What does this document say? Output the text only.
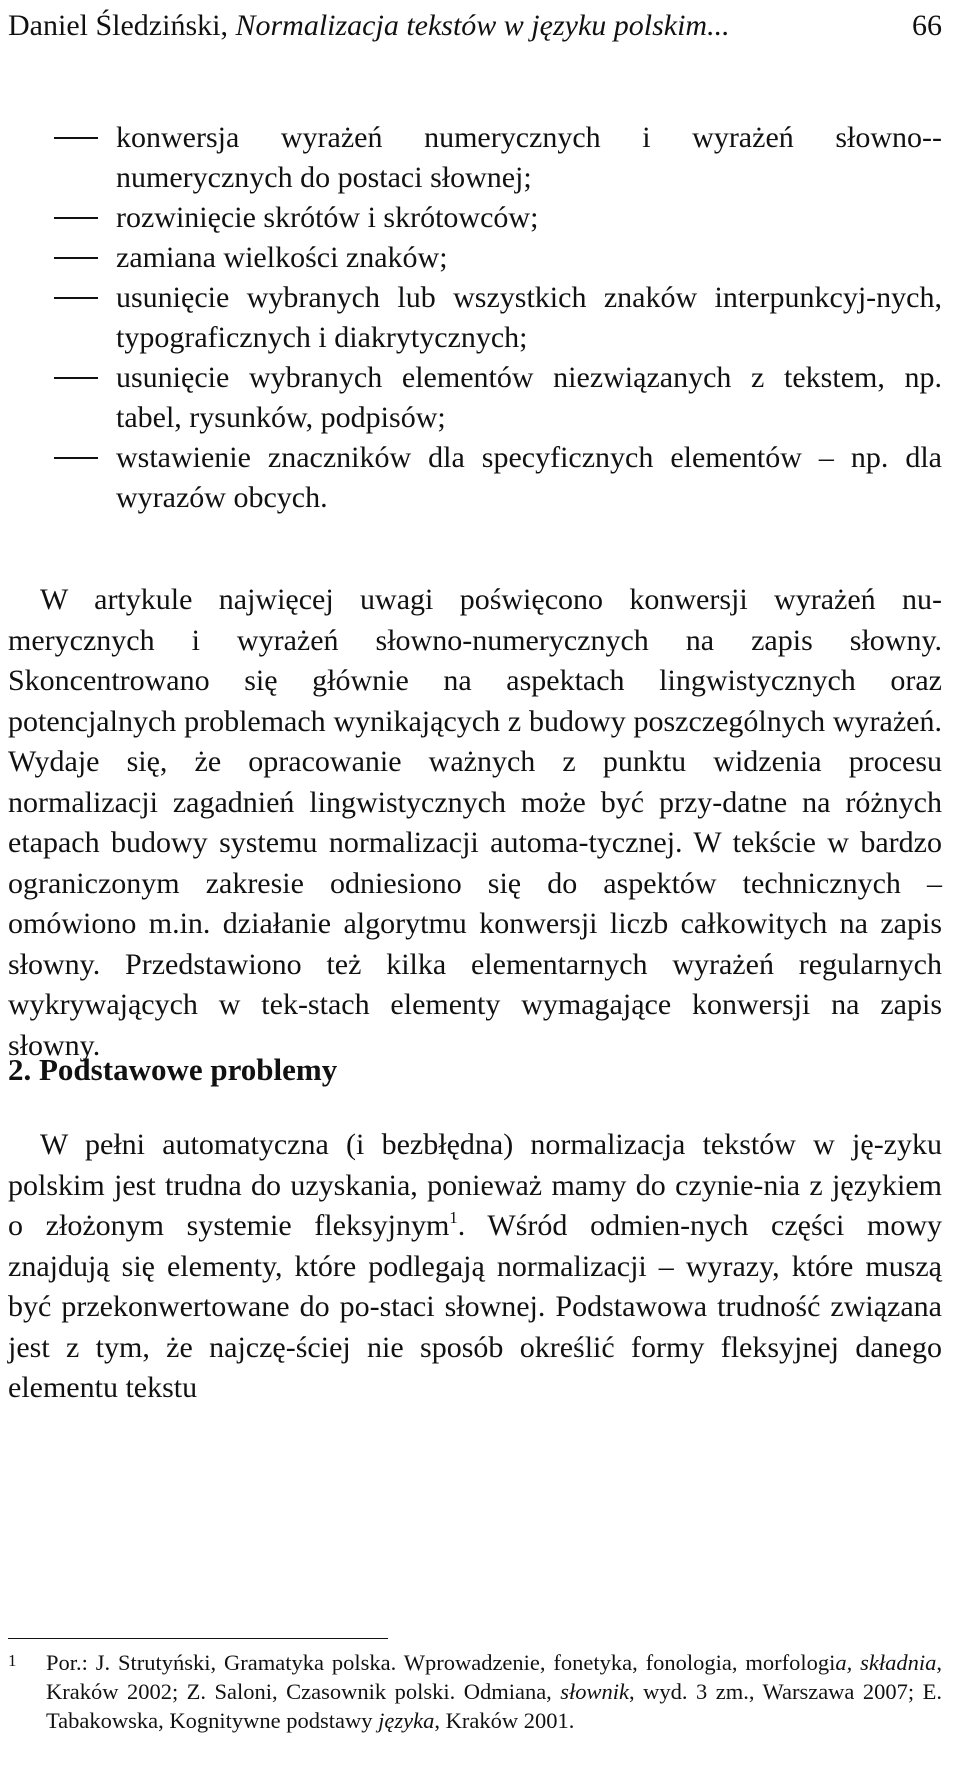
Daniel Śledziński, Normalizacja tekstów w języku polskim...	66

konwersja wyrażeń numerycznych i wyrażeń słowno--numerycznych do postaci słownej;

rozwinięcie skrótów i skrótowców;

zamiana wielkości znaków;

usunięcie wybranych lub wszystkich znaków interpunkcyj-nych, typograficznych i diakrytycznych;

usunięcie wybranych elementów niezwiązanych z tekstem, np. tabel, rysunków, podpisów;

wstawienie znaczników dla specyficznych elementów – np. dla wyrazów obcych.

W artykule najwięcej uwagi poświęcono konwersji wyrażeń nu-merycznych i wyrażeń słowno-numerycznych na zapis słowny. Skoncentrowano się głównie na aspektach lingwistycznych oraz potencjalnych problemach wynikających z budowy poszczególnych wyrażeń. Wydaje się, że opracowanie ważnych z punktu widzenia procesu normalizacji zagadnień lingwistycznych może być przy-datne na różnych etapach budowy systemu normalizacji automa-tycznej. W tekście w bardzo ograniczonym zakresie odniesiono się do aspektów technicznych – omówiono m.in. działanie algorytmu konwersji liczb całkowitych na zapis słowny. Przedstawiono też kilka elementarnych wyrażeń regularnych wykrywających w tek-stach elementy wymagające konwersji na zapis słowny.

2. Podstawowe problemy

W pełni automatyczna (i bezbłędna) normalizacja tekstów w ję-zyku polskim jest trudna do uzyskania, ponieważ mamy do czynie-nia z językiem o złożonym systemie fleksyjnym$^1$. Wśród odmien-nych części mowy znajdują się elementy, które podlegają normalizacji – wyrazy, które muszą być przekonwertowane do po-staci słownej. Podstawowa trudność związana jest z tym, że najczę-ściej nie sposób określić formy fleksyjnej danego elementu tekstu

1 Por.: J. Strutyński, Gramatyka polska. Wprowadzenie, fonetyka, fonologia, morfologia, składnia, Kraków 2002; Z. Saloni, Czasownik polski. Odmiana, słownik, wyd. 3 zm., Warszawa 2007; E. Tabakowska, Kognitywne podstawy języka, Kraków 2001.
